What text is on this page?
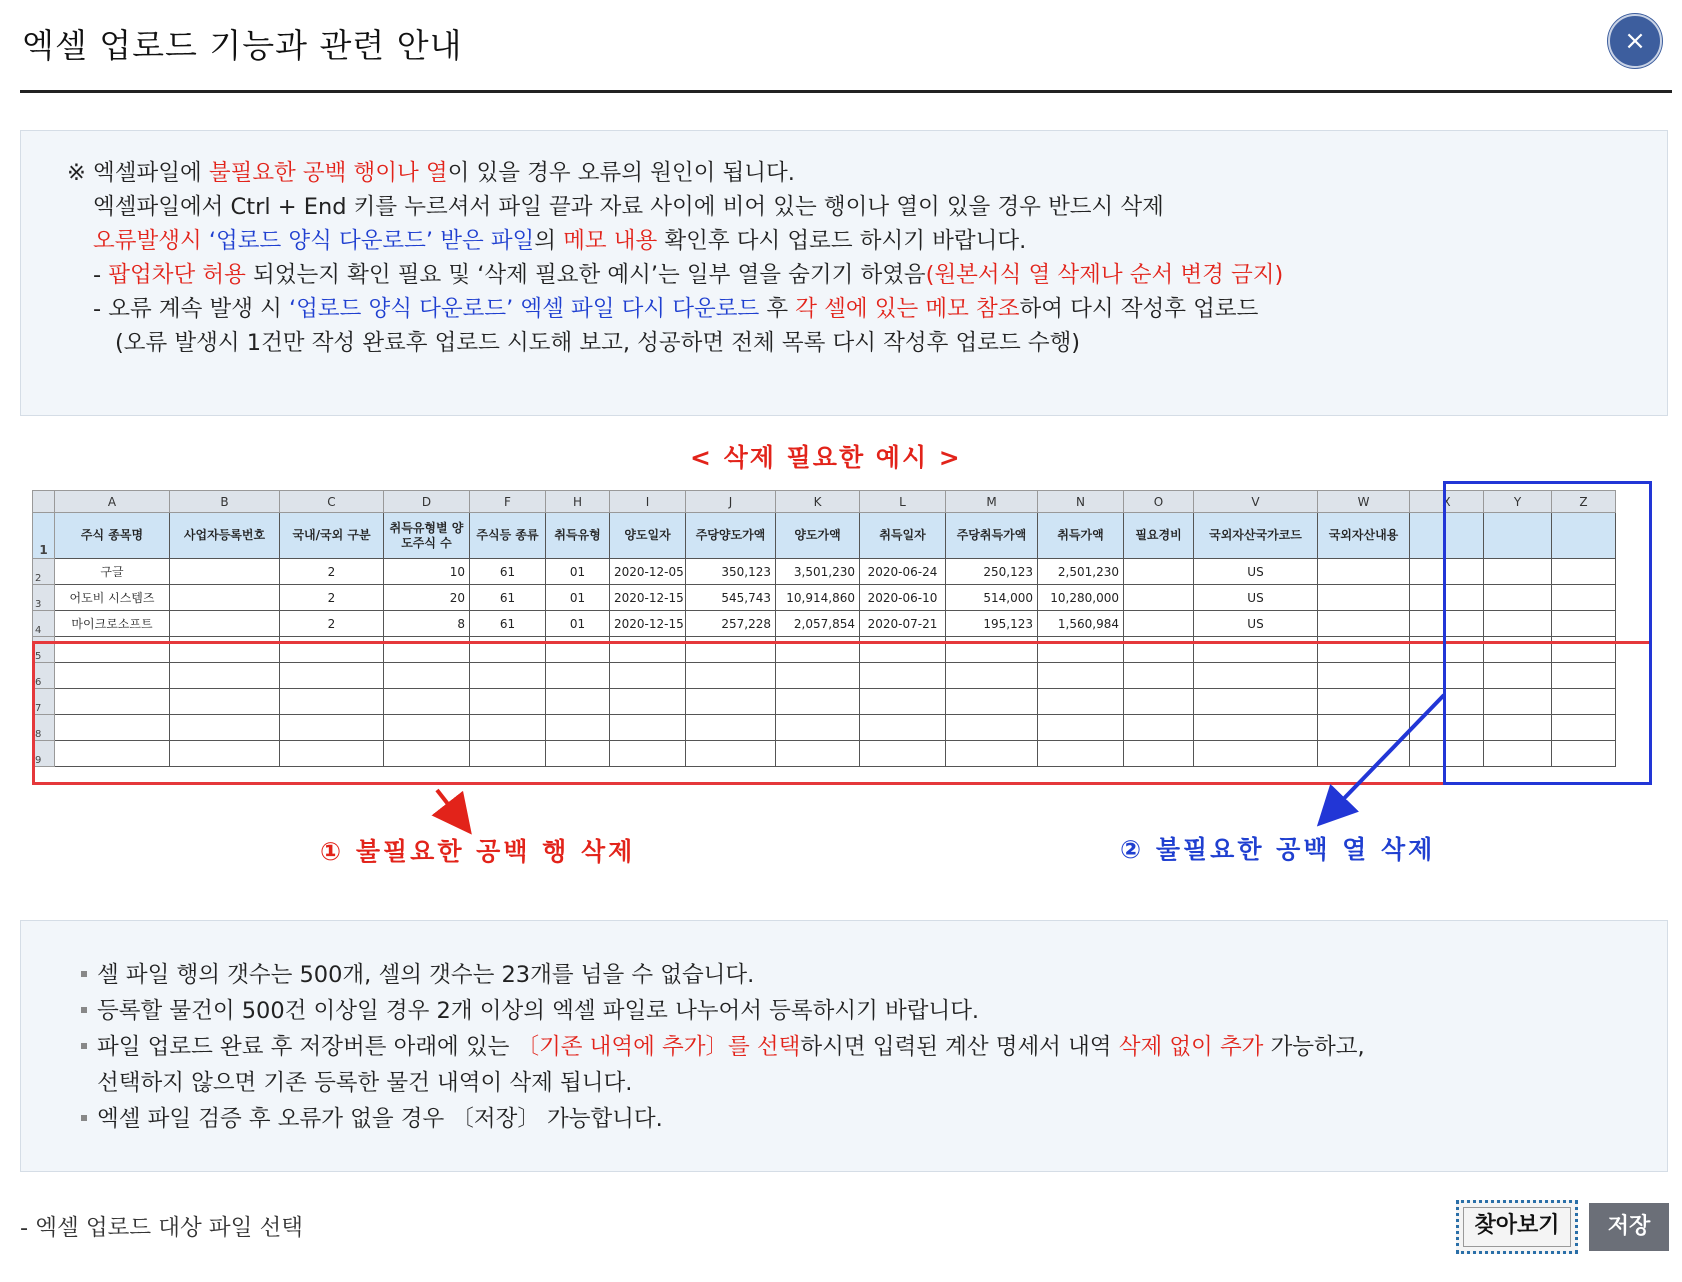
엑셀 업로드 기능과 관련 안내	×
※ 엑셀파일에 불필요한 공백 행이나 열이 있을 경우 오류의 원인이 됩니다.
엑셀파일에서 Ctrl + End 키를 누르셔서 파일 끝과 자료 사이에 비어 있는 행이나 열이 있을 경우 반드시 삭제
오류발생시 ‘업로드 양식 다운로드’ 받은 파일의 메모 내용 확인후 다시 업로드 하시기 바랍니다.
- 팝업차단 허용 되었는지 확인 필요 및 ‘삭제 필요한 예시’는 일부 열을 숨기기 하였음(원본서식 열 삭제나 순서 변경 금지)
- 오류 계속 발생 시 ‘업로드 양식 다운로드’ 엑셀 파일 다시 다운로드 후 각 셀에 있는 메모 참조하여 다시 작성후 업로드
(오류 발생시 1건만 작성 완료후 업로드 시도해 보고, 성공하면 전체 목록 다시 작성후 업로드 수행)
< 삭제 필요한 예시 >
	A	B	C	D	F	H	I	J	K	L	M	N	O	V	W	X	Y	Z
1	주식 종목명	사업자등록번호	국내/국외 구분	취득유형별 양도주식 수	주식등 종류	취득유형	양도일자	주당양도가액	양도가액	취득일자	주당취득가액	취득가액	필요경비	국외자산국가코드	국외자산내용			
2	구글		2	10	61	01	2020-12-05	350,123	3,501,230	2020-06-24	250,123	2,501,230		US				
3	어도비 시스템즈		2	20	61	01	2020-12-15	545,743	10,914,860	2020-06-10	514,000	10,280,000		US				
4	마이크로소프트		2	8	61	01	2020-12-15	257,228	2,057,854	2020-07-21	195,123	1,560,984		US				
5																		
6																		
7																		
8																		
9																		
① 불필요한 공백 행 삭제	② 불필요한 공백 열 삭제
셀 파일 행의 갯수는 500개, 셀의 갯수는 23개를 넘을 수 없습니다.
등록할 물건이 500건 이상일 경우 2개 이상의 엑셀 파일로 나누어서 등록하시기 바랍니다.
파일 업로드 완료 후 저장버튼 아래에 있는 〔기존 내역에 추가〕를 선택하시면 입력된 계산 명세서 내역 삭제 없이 추가 가능하고,
선택하지 않으면 기존 등록한 물건 내역이 삭제 됩니다.
엑셀 파일 검증 후 오류가 없을 경우 〔저장〕 가능합니다.
- 엑셀 업로드 대상 파일 선택	찾아보기	저장
